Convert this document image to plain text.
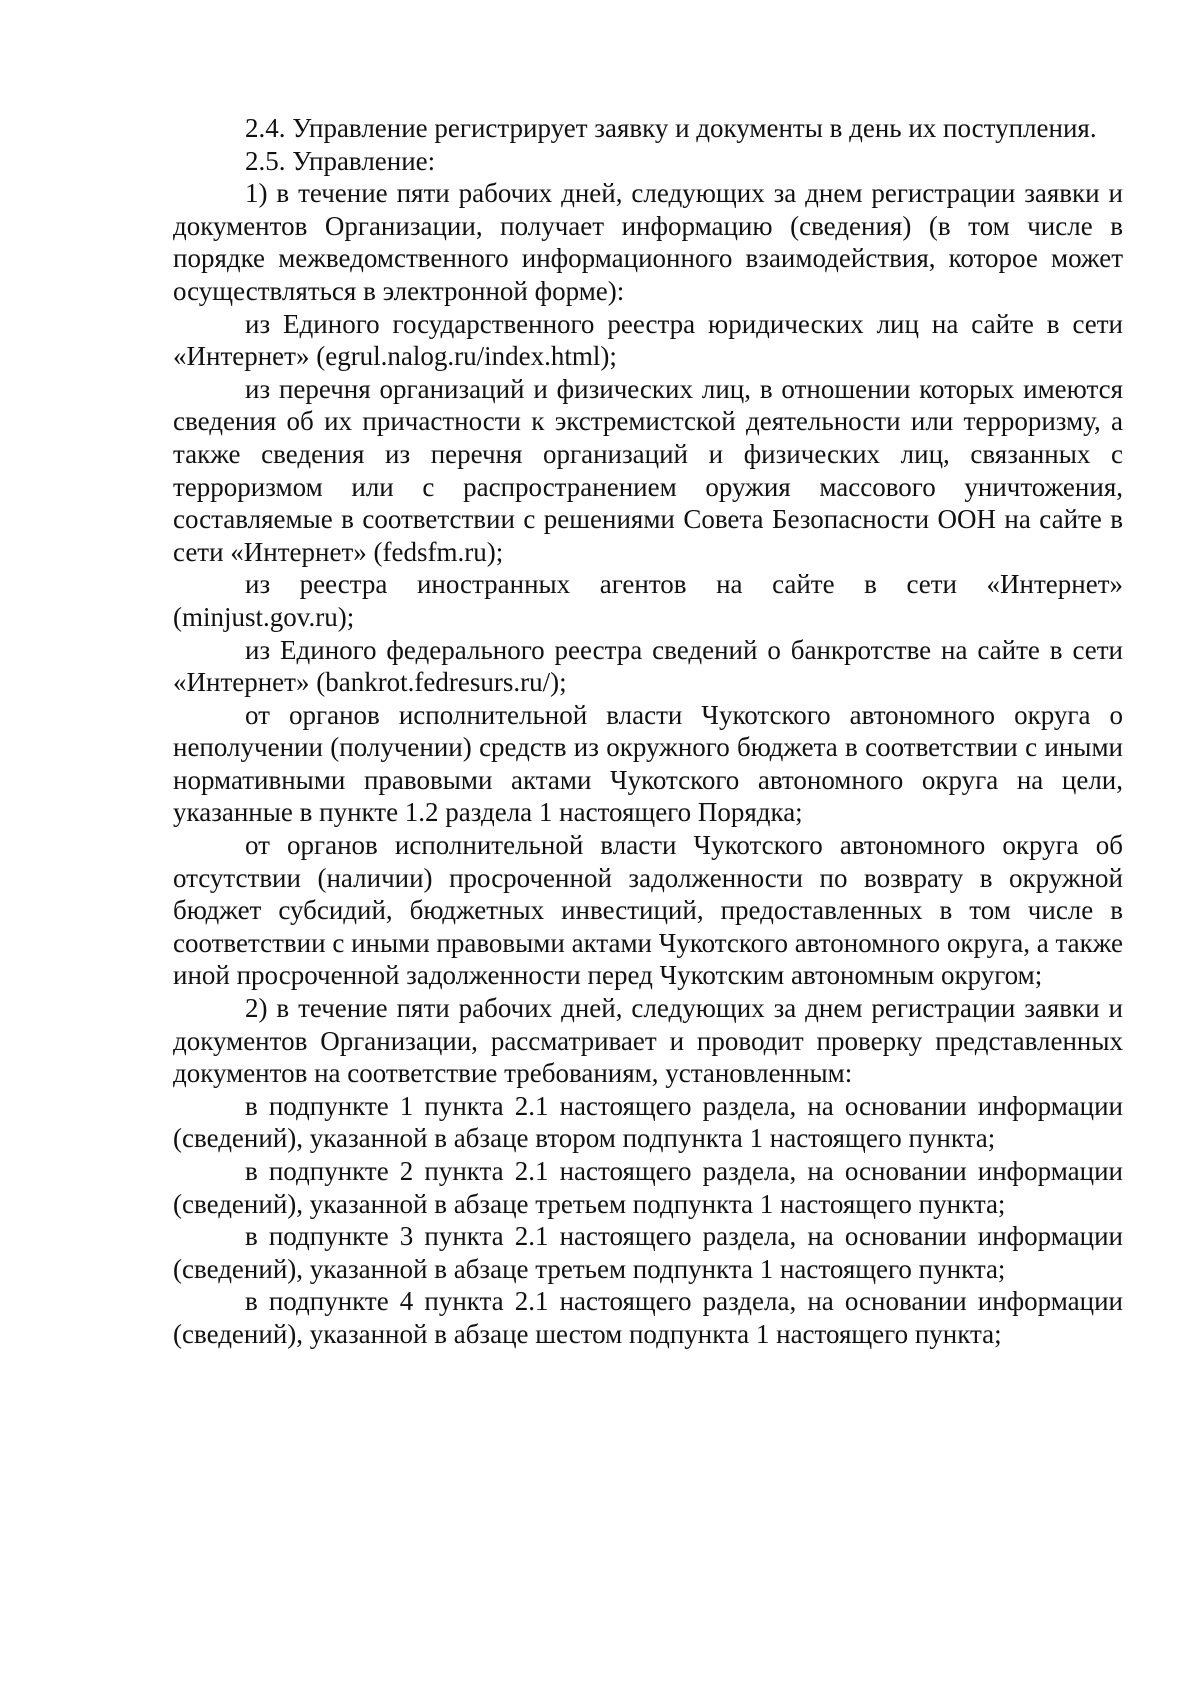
2.4. Управление регистрирует заявку и документы в день их поступления.

2.5. Управление:

1) в течение пяти рабочих дней, следующих за днем регистрации заявки и документов Организации, получает информацию (сведения) (в том числе в порядке межведомственного информационного взаимодействия, которое может осуществляться в электронной форме):

из Единого государственного реестра юридических лиц на сайте в сети «Интернет» (egrul.nalog.ru/index.html);

из перечня организаций и физических лиц, в отношении которых имеются сведения об их причастности к экстремистской деятельности или терроризму, а также сведения из перечня организаций и физических лиц, связанных с терроризмом или с распространением оружия массового уничтожения, составляемые в соответствии с решениями Совета Безопасности ООН на сайте в сети «Интернет» (fedsfm.ru);

из реестра иностранных агентов на сайте в сети «Интернет» (minjust.gov.ru);

из Единого федерального реестра сведений о банкротстве на сайте в сети «Интернет» (bankrot.fedresurs.ru/);

от органов исполнительной власти Чукотского автономного округа о неполучении (получении) средств из окружного бюджета в соответствии с иными нормативными правовыми актами Чукотского автономного округа на цели, указанные в пункте 1.2 раздела 1 настоящего Порядка;

от органов исполнительной власти Чукотского автономного округа об отсутствии (наличии) просроченной задолженности по возврату в окружной бюджет субсидий, бюджетных инвестиций, предоставленных в том числе в соответствии с иными правовыми актами Чукотского автономного округа, а также иной просроченной задолженности перед Чукотским автономным округом;

2) в течение пяти рабочих дней, следующих за днем регистрации заявки и документов Организации, рассматривает и проводит проверку представленных документов на соответствие требованиям, установленным:

в подпункте 1 пункта 2.1 настоящего раздела, на основании информации (сведений), указанной в абзаце втором подпункта 1 настоящего пункта;

в подпункте 2 пункта 2.1 настоящего раздела, на основании информации (сведений), указанной в абзаце третьем подпункта 1 настоящего пункта;

в подпункте 3 пункта 2.1 настоящего раздела, на основании информации (сведений), указанной в абзаце третьем подпункта 1 настоящего пункта;

в подпункте 4 пункта 2.1 настоящего раздела, на основании информации (сведений), указанной в абзаце шестом подпункта 1 настоящего пункта;
